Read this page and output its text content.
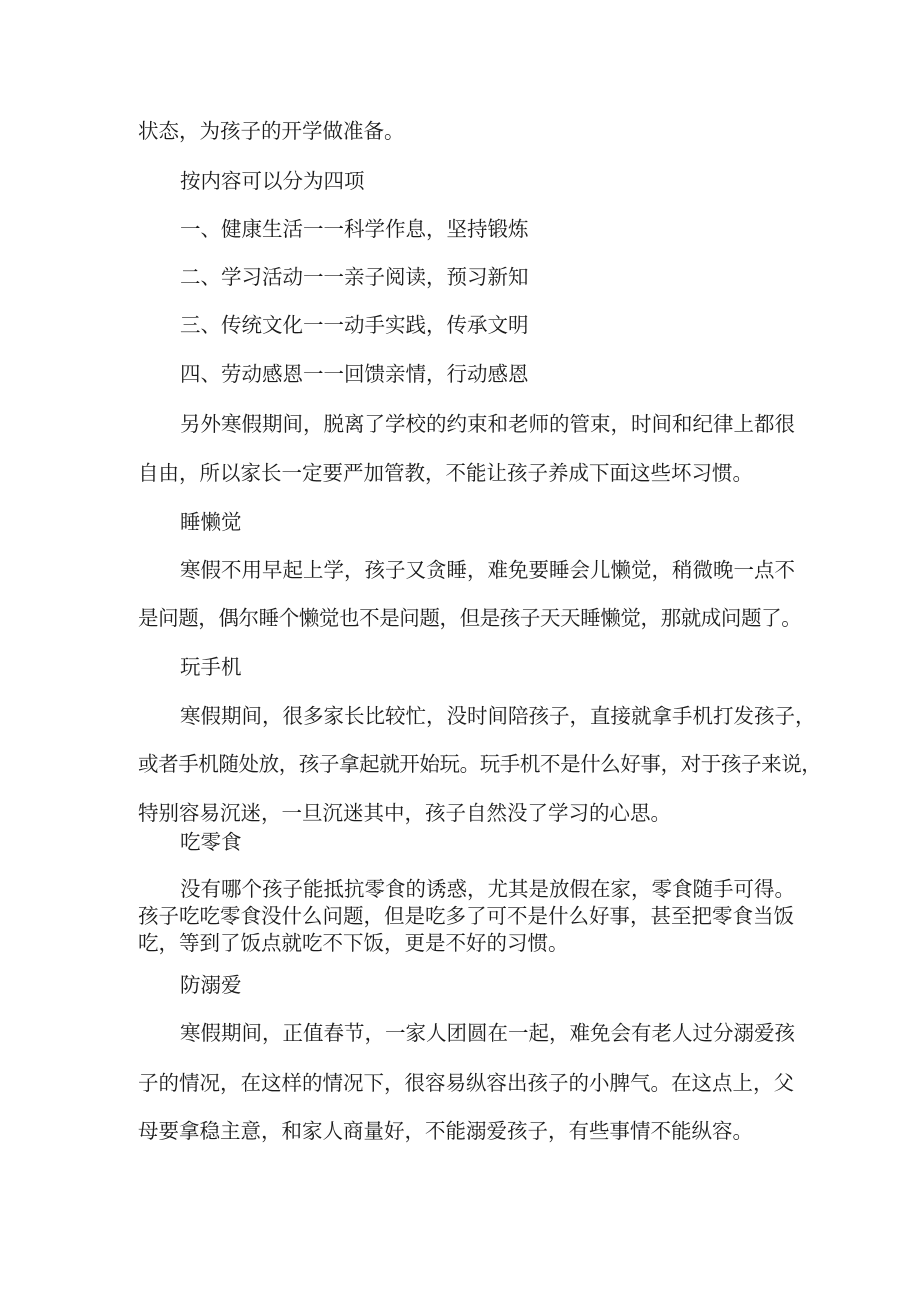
状态，为孩子的开学做准备。

按内容可以分为四项

一、健康生活一一科学作息，坚持锻炼

二、学习活动一一亲子阅读，预习新知

三、传统文化一一动手实践，传承文明

四、劳动感恩一一回馈亲情，行动感恩

另外寒假期间，脱离了学校的约束和老师的管束，时间和纪律上都很

自由，所以家长一定要严加管教，不能让孩子养成下面这些坏习惯。

睡懒觉

寒假不用早起上学，孩子又贪睡，难免要睡会儿懒觉，稍微晚一点不

是问题，偶尔睡个懒觉也不是问题，但是孩子天天睡懒觉，那就成问题了。

玩手机

寒假期间，很多家长比较忙，没时间陪孩子，直接就拿手机打发孩子，

或者手机随处放，孩子拿起就开始玩。玩手机不是什么好事，对于孩子来说，

特别容易沉迷，一旦沉迷其中，孩子自然没了学习的心思。

吃零食

没有哪个孩子能抵抗零食的诱惑，尤其是放假在家，零食随手可得。

孩子吃吃零食没什么问题，但是吃多了可不是什么好事，甚至把零食当饭

吃，等到了饭点就吃不下饭，更是不好的习惯。

防溺爱

寒假期间，正值春节，一家人团圆在一起，难免会有老人过分溺爱孩

子的情况，在这样的情况下，很容易纵容出孩子的小脾气。在这点上，父

母要拿稳主意，和家人商量好，不能溺爱孩子，有些事情不能纵容。
